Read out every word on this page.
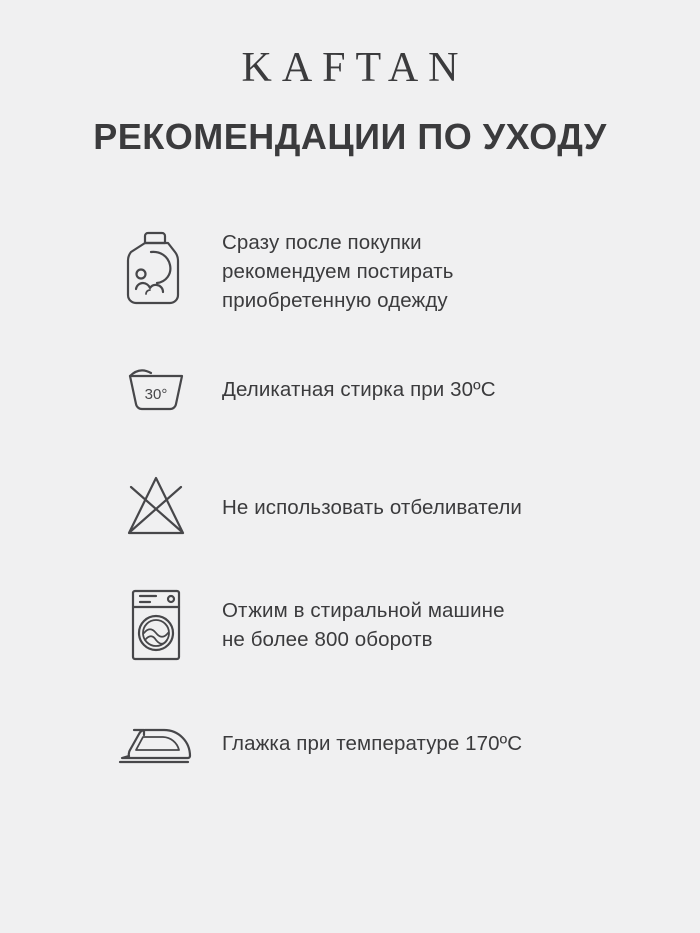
KAFTAN
РЕКОМЕНДАЦИИ ПО УХОДУ
Сразу после покупки
рекомендуем постирать
приобретенную одежду
30°	Деликатная стирка при 30ºС
Не использовать отбеливатели
Отжим в стиральной машине
не более 800 оборотв
Глажка при температуре 170ºС
